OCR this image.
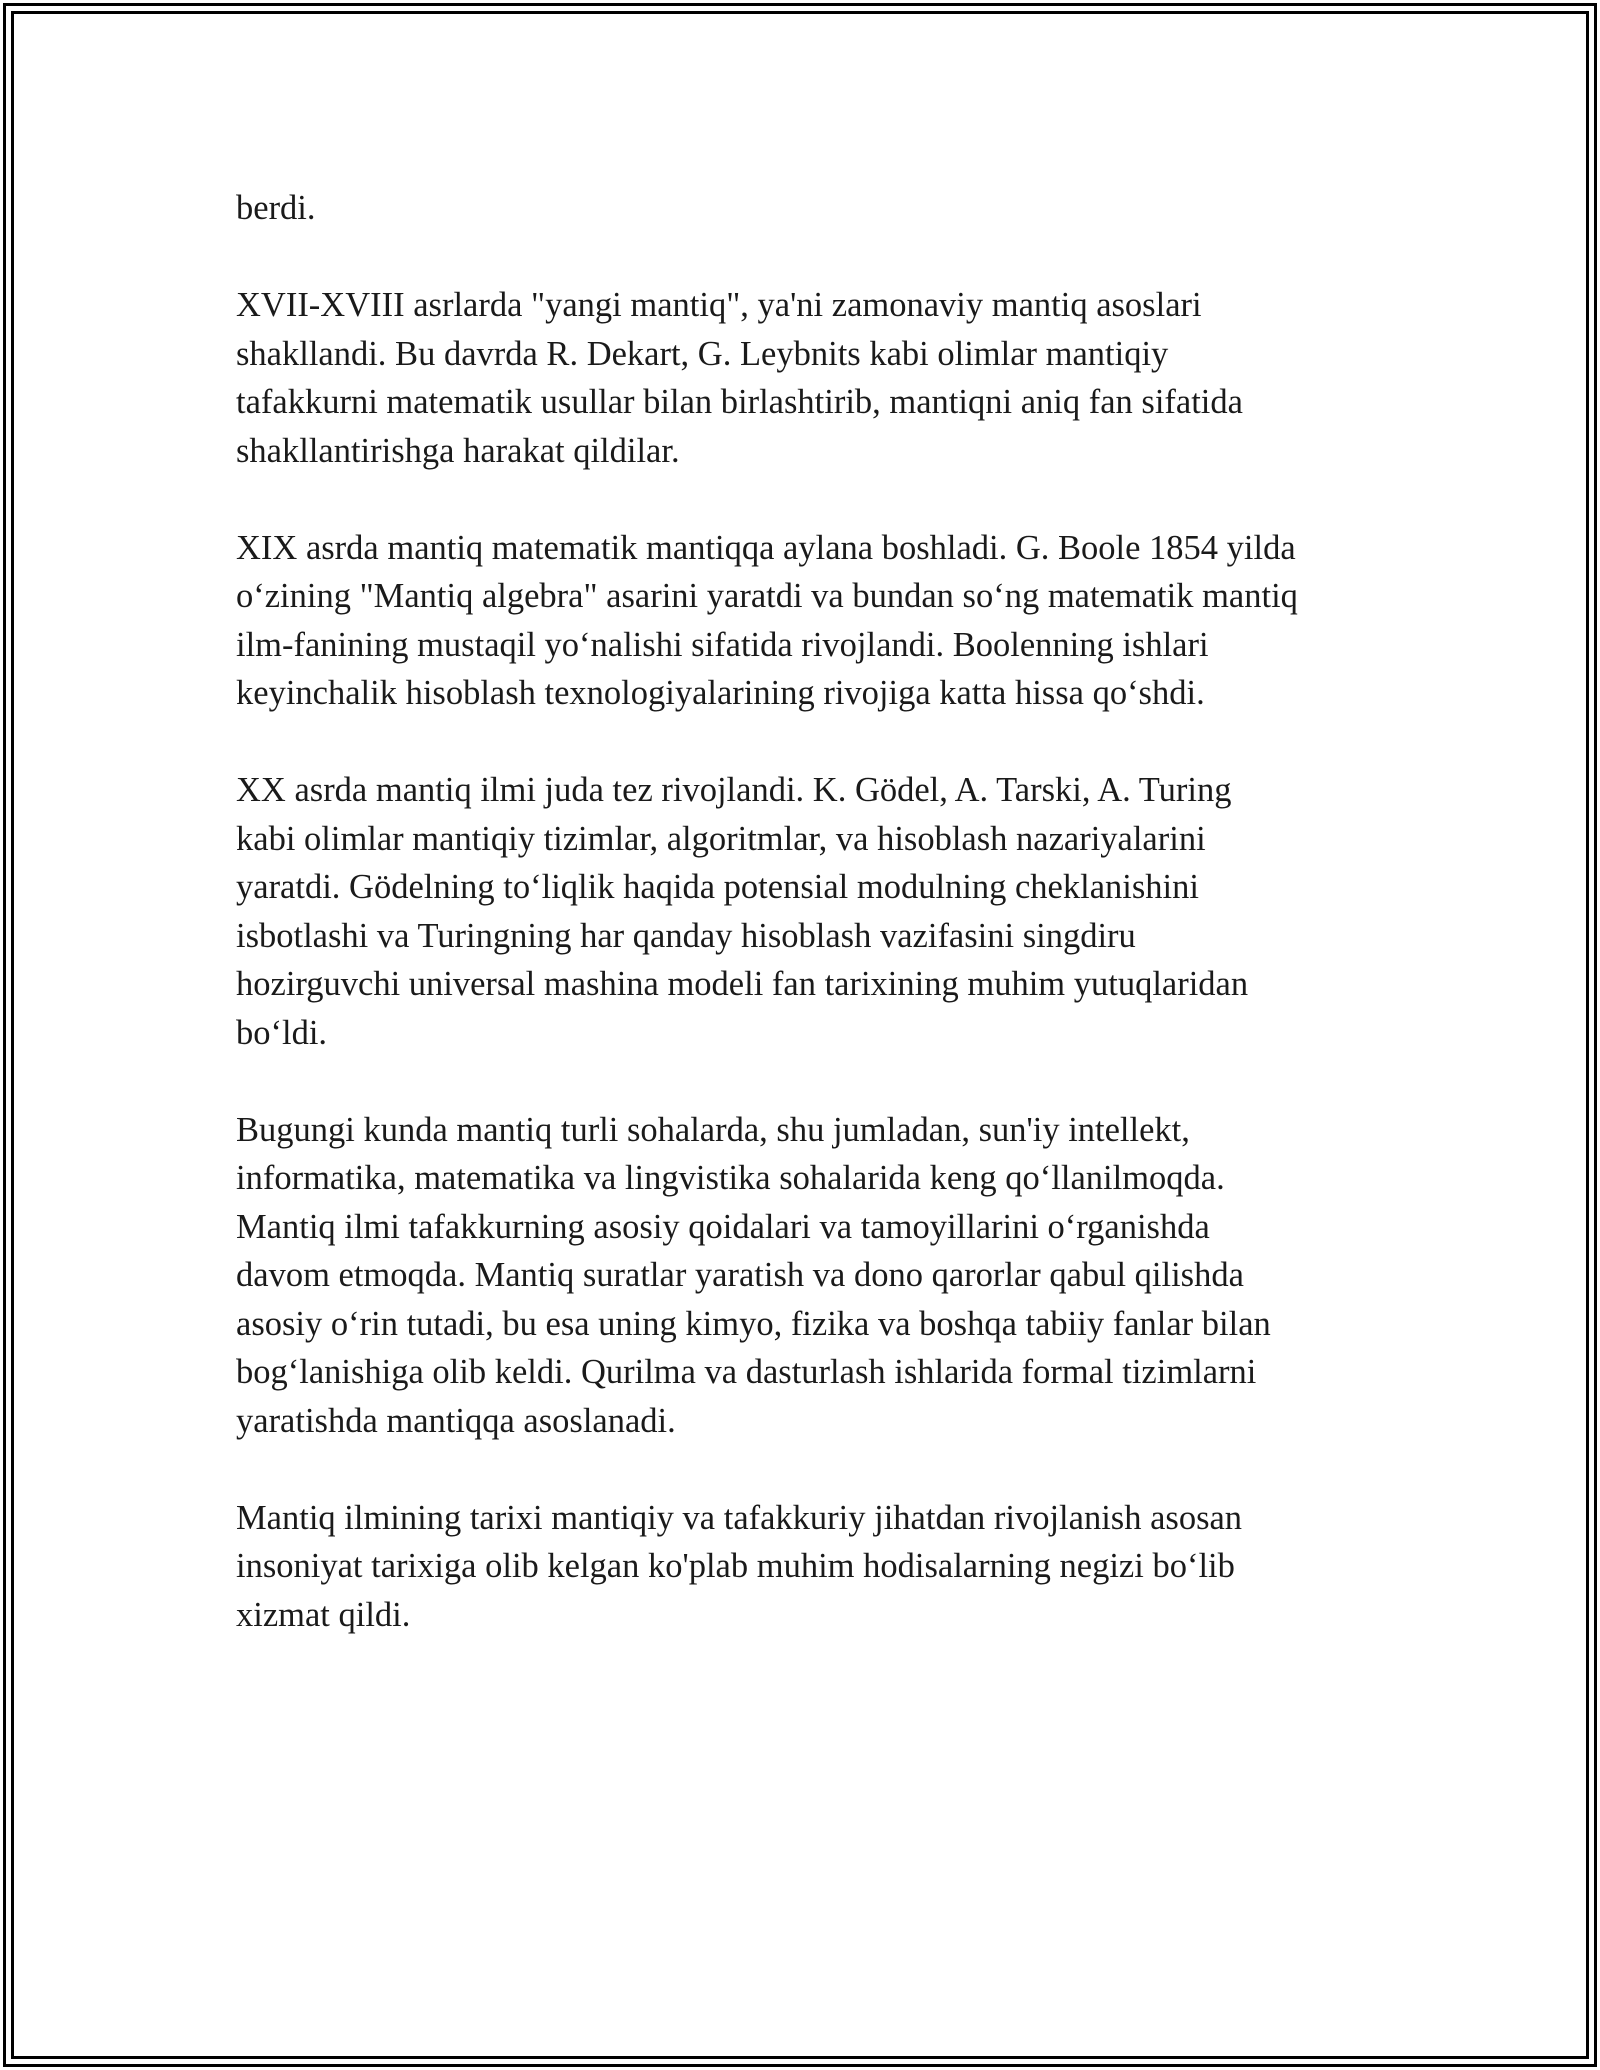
berdi.

XVII-XVIII asrlarda "yangi mantiq", ya'ni zamonaviy mantiq asoslari
shakllandi. Bu davrda R. Dekart, G. Leybnits kabi olimlar mantiqiy
tafakkurni matematik usullar bilan birlashtirib, mantiqni aniq fan sifatida
shakllantirishga harakat qildilar.

XIX asrda mantiq matematik mantiqqa aylana boshladi. G. Boole 1854 yilda
oʻzining "Mantiq algebra" asarini yaratdi va bundan soʻng matematik mantiq
ilm-fanining mustaqil yoʻnalishi sifatida rivojlandi. Boolenning ishlari
keyinchalik hisoblash texnologiyalarining rivojiga katta hissa qoʻshdi.

XX asrda mantiq ilmi juda tez rivojlandi. K. Gödel, A. Tarski, A. Turing
kabi olimlar mantiqiy tizimlar, algoritmlar, va hisoblash nazariyalarini
yaratdi. Gödelning toʻliqlik haqida potensial modulning cheklanishini
isbotlashi va Turingning har qanday hisoblash vazifasini singdiru
hozirguvchi universal mashina modeli fan tarixining muhim yutuqlaridan
boʻldi.

Bugungi kunda mantiq turli sohalarda, shu jumladan, sun'iy intellekt,
informatika, matematika va lingvistika sohalarida keng qoʻllanilmoqda.
Mantiq ilmi tafakkurning asosiy qoidalari va tamoyillarini oʻrganishda
davom etmoqda. Mantiq suratlar yaratish va dono qarorlar qabul qilishda
asosiy oʻrin tutadi, bu esa uning kimyo, fizika va boshqa tabiiy fanlar bilan
bogʻlanishiga olib keldi. Qurilma va dasturlash ishlarida formal tizimlarni
yaratishda mantiqqa asoslanadi.

Mantiq ilmining tarixi mantiqiy va tafakkuriy jihatdan rivojlanish asosan
insoniyat tarixiga olib kelgan ko'plab muhim hodisalarning negizi boʻlib
xizmat qildi.
